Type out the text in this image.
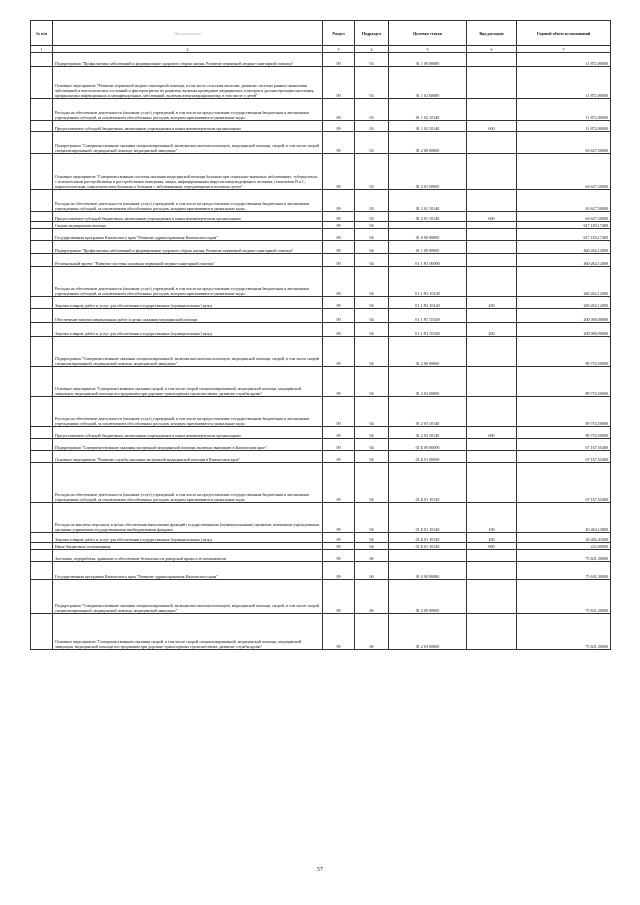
№ п/п	Наименование	Раздел	Подраздел	Целевая статья	Вид расходов	Годовой объем ассигнований
1	2	3	4	5	6	7
	Подпрограмма "Профилактика заболеваний и формирование здорового образа жизни. Развитие первичной медико-санитарной помощи"	09	03	01 1 00 00000		11 872,00000
	Основное мероприятие "Развитие первичной медико-санитарной помощи, в том числе сельским жителям, развитие системы раннего выявления заболеваний и патологических состояний и факторов риска их развития, включая проведение медицинских осмотров и диспансеризации населения, профилактика инфекционных и неинфекционных заболеваний, включая иммунопрофилактику, в том числе у детей"	09	03	01 1 02 00000		11 872,00000
	Расходы на обеспечение деятельности (оказание услуг) учреждений, в том числе на предоставление государственным бюджетным и автономным учреждениям субсидий, за исключением обособленных расходов, которым присваиваются уникальные коды	09	03	01 1 02 10140		11 872,00000
	Предоставление субсидий бюджетным, автономным учреждениям и иным некоммерческим организациям	09	03	01 1 02 10140	600	11 872,00000
	Подпрограмма "Совершенствование оказания специализированной, включая высокотехнологичную, медицинской помощи, скорой, в том числе скорой специализированной, медицинской помощи, медицинской эвакуации"	09	03	01 2 00 00000		63 627,50000
	Основное мероприятие "Совершенствование системы оказания медицинской помощи больным при социально-значимых заболеваниях: туберкулезом, с психическими расстройствами и расстройствами поведения, лицам, инфицированным вирусом иммунодефицита человека, гепатитами B и C, наркологическим, онкологическим больным и больным с заболеваниями, передающимися половым путем"	09	03	01 2 01 00000		63 627,50000
	Расходы на обеспечение деятельности (оказание услуг) учреждений, в том числе на предоставление государственным бюджетным и автономным учреждениям субсидий, за исключением обособленных расходов, которым присваиваются уникальные коды	09	03	01 2 01 10140		63 627,50000
	Предоставление субсидий бюджетным, автономным учреждениям и иным некоммерческим организациям	09	03	01 2 01 10140	600	63 627,50000
	Скорая медицинская помощь	09	04			617 183,17400
	Государственная программа Камчатского края "Развитие здравоохранения Камчатского края"	09	04	01 0 00 00000		617 183,17400
	Подпрограмма "Профилактика заболеваний и формирование здорового образа жизни. Развитие первичной медико-санитарной помощи"	09	04	01 1 00 00000		460 262,12000
	Региональный проект "Развитие системы оказания первичной медико-санитарной помощи"	09	04	01 1 N1 00000		460 262,12000
	Расходы на обеспечение деятельности (оказание услуг) учреждений, в том числе на предоставление государственным бюджетным и автономным учреждениям субсидий, за исключением обособленных расходов, которым присваиваются уникальные коды	09	04	01 1 N1 10140		260 262,12000
	Закупка товаров, работ и услуг для обеспечения государственных (муниципальных) нужд	09	04	01 1 N1 10140	200	260 262,12000
	Обеспечение закупки авиационных работ в целях оказания медицинской помощи	09	04	01 1 N1 55540		200 000,00000
	Закупка товаров, работ и услуг для обеспечения государственных (муниципальных) нужд	09	04	01 1 N1 55540	200	200 000,00000
	Подпрограмма "Совершенствование оказания специализированной, включая высокотехнологичную, медицинской помощи, скорой, в том числе скорой специализированной, медицинской помощи, медицинской эвакуации"	09	04	01 2 00 00000		89 753,50000
	Основное мероприятие "Совершенствование оказания скорой, в том числе скорой специализированной, медицинской помощи, медицинской эвакуации, медицинской помощи пострадавшим при дорожно-транспортных происшествиях, развитие службы крови"	09	04	01 2 03 00000		89 753,50000
	Расходы на обеспечение деятельности (оказание услуг) учреждений, в том числе на предоставление государственным бюджетным и автономным учреждениям субсидий, за исключением обособленных расходов, которым присваиваются уникальные коды	09	04	01 2 03 10140		89 753,50000
	Предоставление субсидий бюджетным, автономным учреждениям и иным некоммерческим организациям	09	04	01 2 03 10140	600	89 753,50000
	Подпрограмма "Совершенствование оказания экстренной медицинской помощи, включая эвакуацию в Камчатском крае"	09	04	01 Б 00 00000		67 167,55400
	Основное мероприятие "Развитие службы оказания экстренной медицинской помощи в Камчатском крае"	09	04	01 Б 01 00000		67 167,55400
	Расходы на обеспечение деятельности (оказание услуг) учреждений, в том числе на предоставление государственным бюджетным и автономным учреждениям субсидий, за исключением обособленных расходов, которым присваиваются уникальные коды	09	04	01 Б 01 10140		67 167,55400
	Расходы на выплаты персоналу в целях обеспечения выполнения функций государственными (муниципальными) органами, казенными учреждениями, органами управления государственными внебюджетными фондами	09	04	01 Б 01 10140	100	40 463,13800
	Закупка товаров, работ и услуг для обеспечения государственных (муниципальных) нужд	09	04	01 Б 01 10140	200	26 482,41600
	Иные бюджетные ассигнования	09	04	01 Б 01 10140	800	222,00000
	Заготовка, переработка, хранение и обеспечение безопасности донорской крови и ее компонентов	09	06			75 631,30000
	Государственная программа Камчатского края "Развитие здравоохранения Камчатского края"	09	06	01 0 00 00000		75 631,30000
	Подпрограмма "Совершенствование оказания специализированной, включая высокотехнологичную, медицинской помощи, скорой, в том числе скорой специализированной, медицинской помощи, медицинской эвакуации"	09	06	01 2 00 00000		75 631,30000
	Основное мероприятие "Совершенствование оказания скорой, в том числе скорой специализированной, медицинской помощи, медицинской эвакуации, медицинской помощи пострадавшим при дорожно-транспортных происшествиях, развитие службы крови"	09	06	01 2 03 00000		75 631,30000
57
